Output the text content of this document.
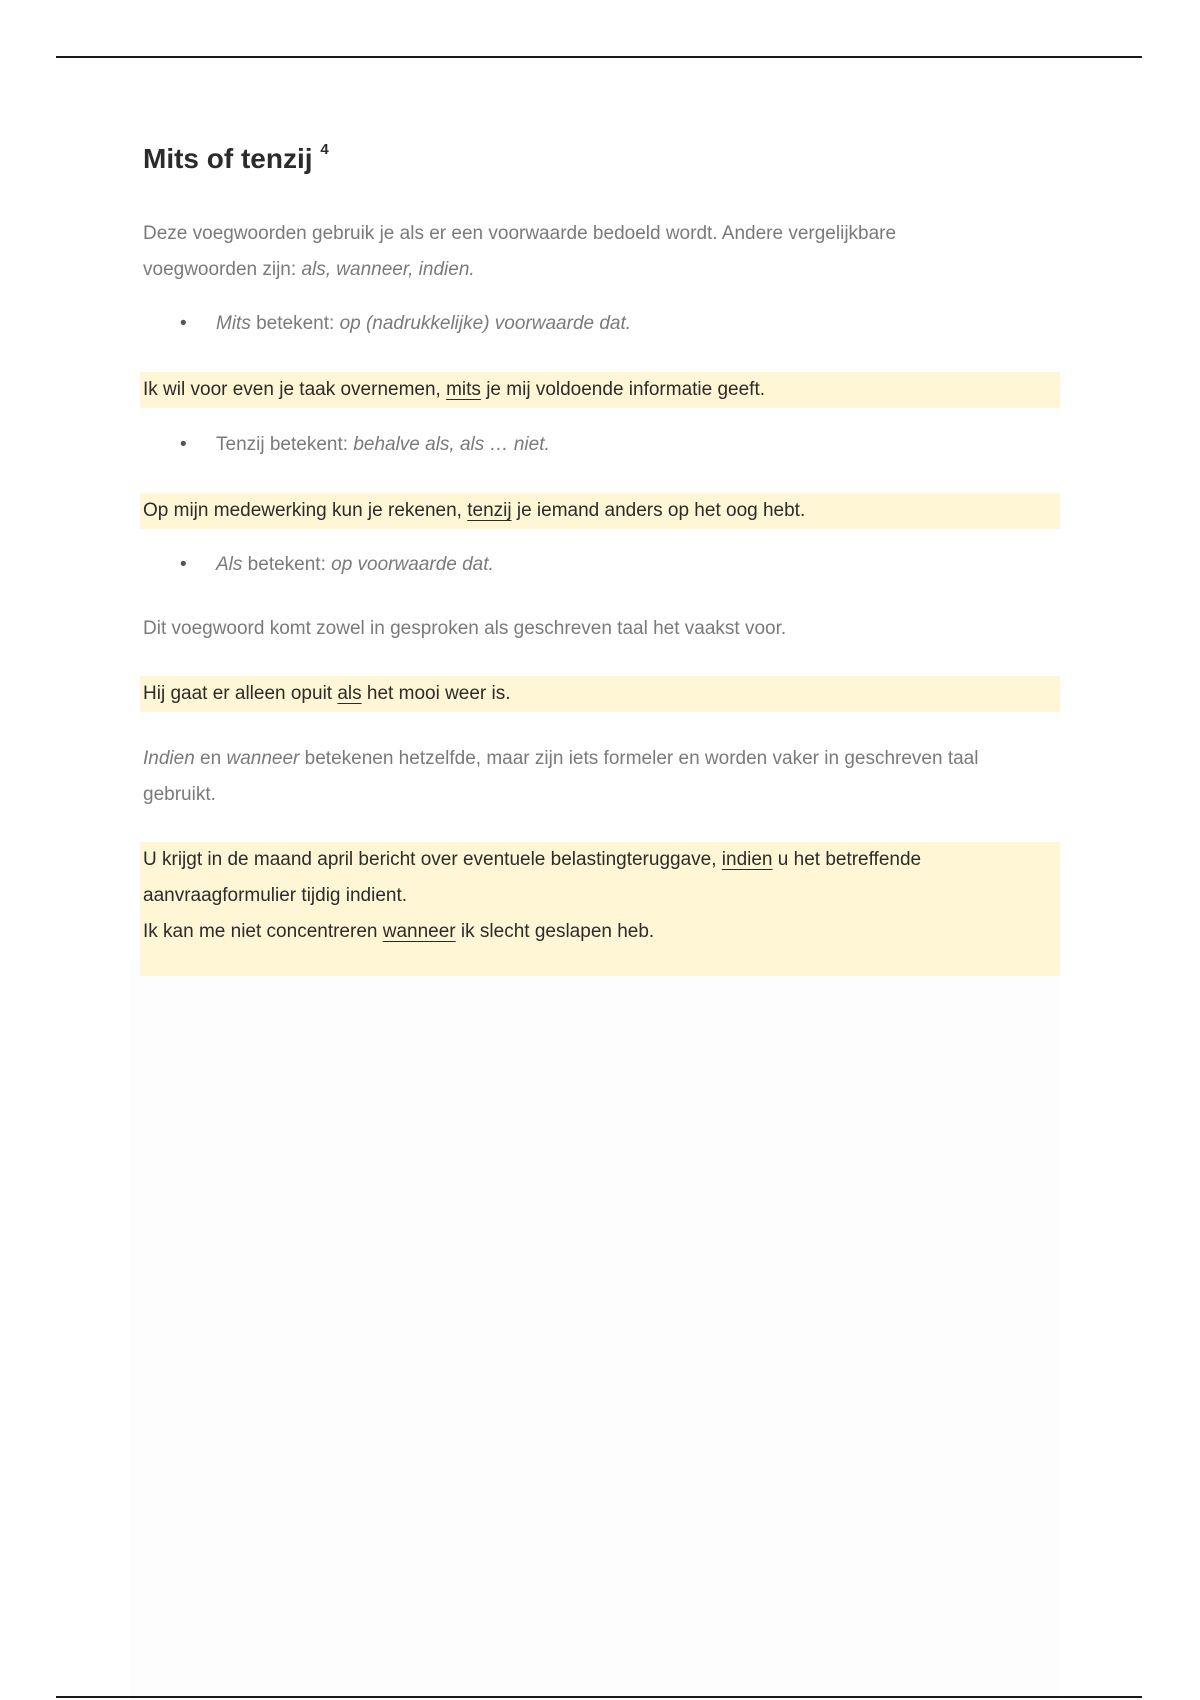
Mits of tenzij $^4$
Deze voegwoorden gebruik je als er een voorwaarde bedoeld wordt. Andere vergelijkbare
voegwoorden zijn: als, wanneer, indien.
• Mits betekent: op (nadrukkelijke) voorwaarde dat.
Ik wil voor even je taak overnemen, mits je mij voldoende informatie geeft.
• Tenzij betekent: behalve als, als … niet.
Op mijn medewerking kun je rekenen, tenzij je iemand anders op het oog hebt.
• Als betekent: op voorwaarde dat.
Dit voegwoord komt zowel in gesproken als geschreven taal het vaakst voor.
Hij gaat er alleen opuit als het mooi weer is.
Indien en wanneer betekenen hetzelfde, maar zijn iets formeler en worden vaker in geschreven taal
gebruikt.
U krijgt in de maand april bericht over eventuele belastingteruggave, indien u het betreffende
aanvraagformulier tijdig indient.
Ik kan me niet concentreren wanneer ik slecht geslapen heb.
